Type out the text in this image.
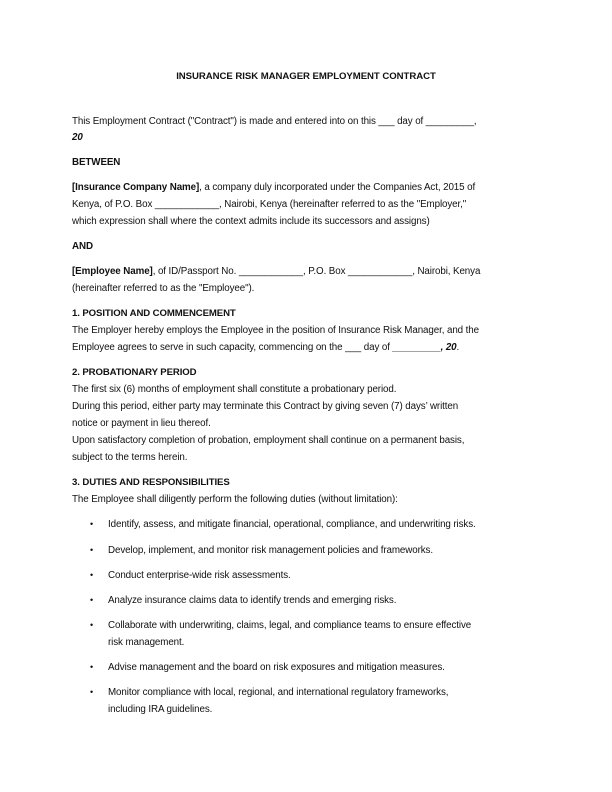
INSURANCE RISK MANAGER EMPLOYMENT CONTRACT
This Employment Contract ("Contract") is made and entered into on this ___ day of _________,
20
BETWEEN
[Insurance Company Name], a company duly incorporated under the Companies Act, 2015 of
Kenya, of P.O. Box ____________, Nairobi, Kenya (hereinafter referred to as the "Employer,"
which expression shall where the context admits include its successors and assigns)
AND
[Employee Name], of ID/Passport No. ____________, P.O. Box ____________, Nairobi, Kenya
(hereinafter referred to as the "Employee").
1. POSITION AND COMMENCEMENT
The Employer hereby employs the Employee in the position of Insurance Risk Manager, and the
Employee agrees to serve in such capacity, commencing on the ___ day of _________, 20.
2. PROBATIONARY PERIOD
The first six (6) months of employment shall constitute a probationary period.
During this period, either party may terminate this Contract by giving seven (7) days’ written
notice or payment in lieu thereof.
Upon satisfactory completion of probation, employment shall continue on a permanent basis,
subject to the terms herein.
3. DUTIES AND RESPONSIBILITIES
The Employee shall diligently perform the following duties (without limitation):
• Identify, assess, and mitigate financial, operational, compliance, and underwriting risks.
• Develop, implement, and monitor risk management policies and frameworks.
• Conduct enterprise-wide risk assessments.
• Analyze insurance claims data to identify trends and emerging risks.
• Collaborate with underwriting, claims, legal, and compliance teams to ensure effective
risk management.
• Advise management and the board on risk exposures and mitigation measures.
• Monitor compliance with local, regional, and international regulatory frameworks,
including IRA guidelines.
